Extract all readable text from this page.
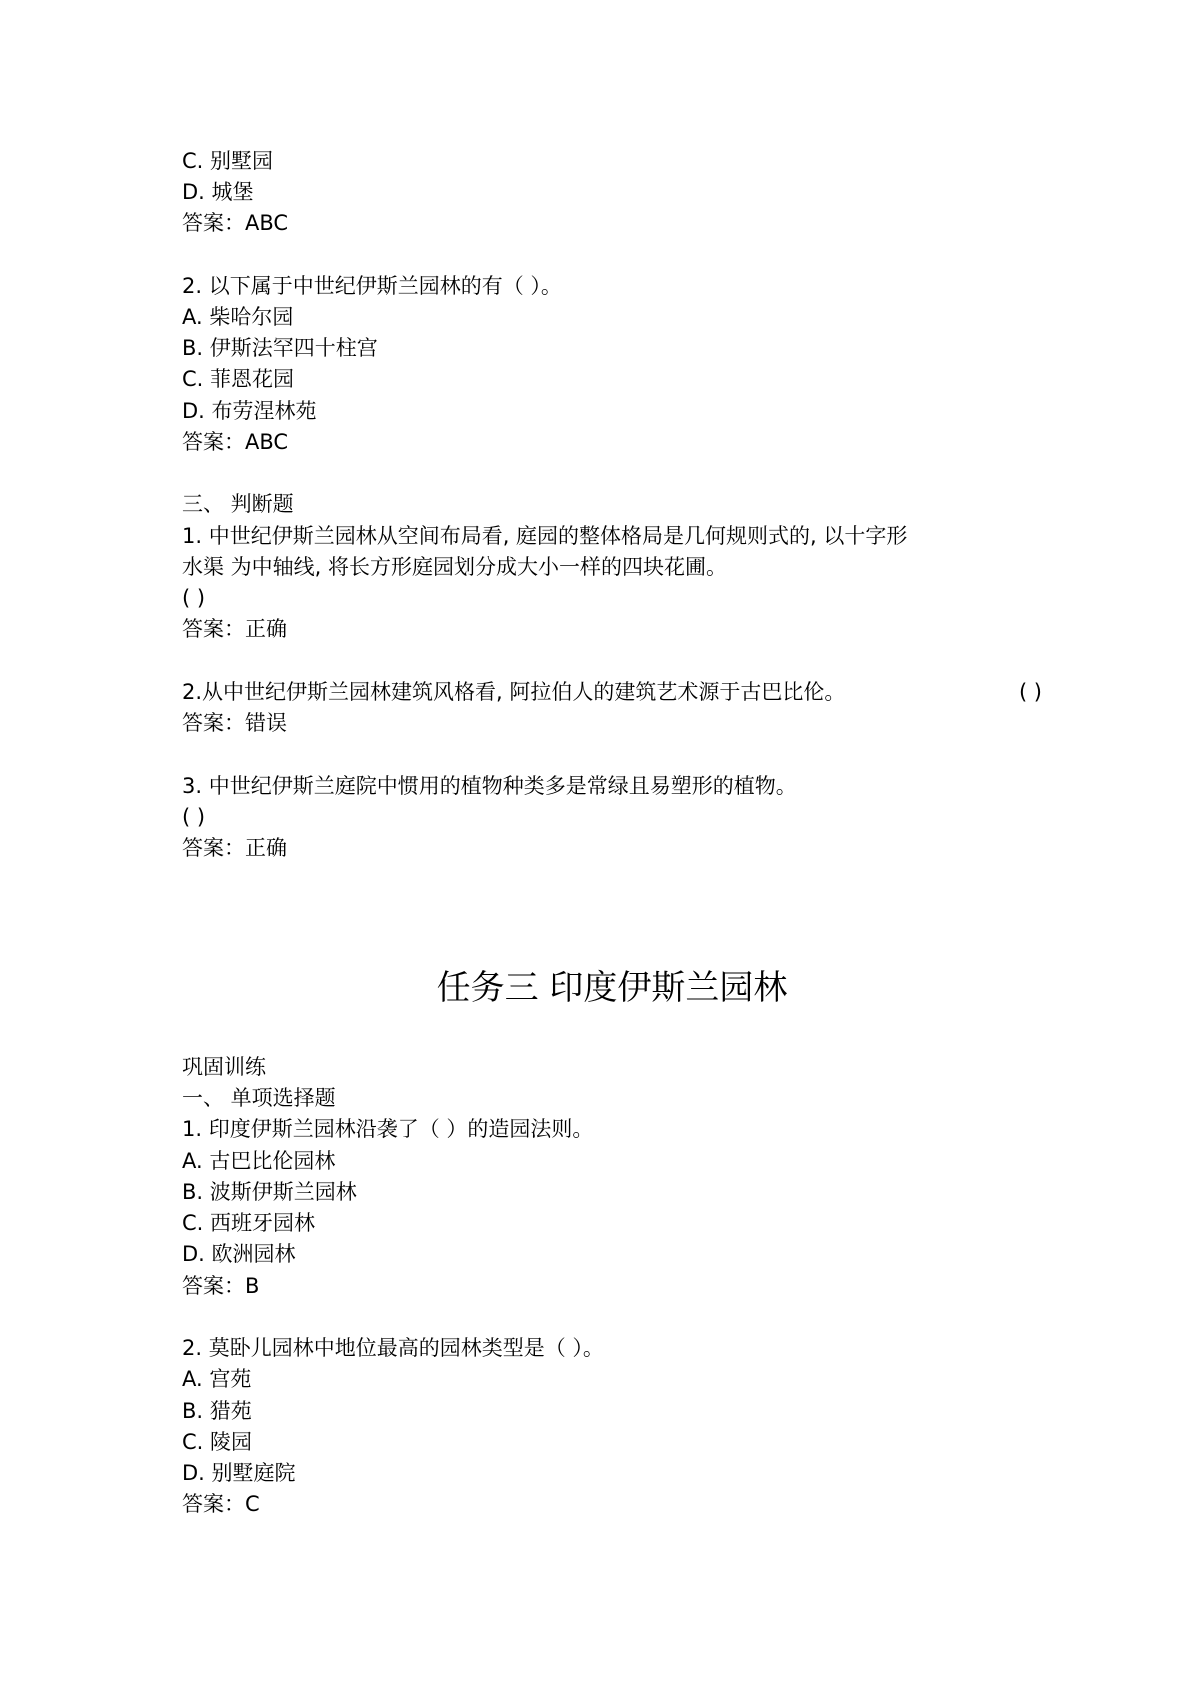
C. 别墅园
D. 城堡
答案：ABC
2. 以下属于中世纪伊斯兰园林的有（ ）。
A. 柴哈尔园
B. 伊斯法罕四十柱宫
C. 菲恩花园
D. 布劳涅林苑
答案：ABC
三、 判断题
1. 中世纪伊斯兰园林从空间布局看, 庭园的整体格局是几何规则式的, 以十字形
水渠 为中轴线, 将长方形庭园划分成大小一样的四块花圃。
( )
答案：正确
2.从中世纪伊斯兰园林建筑风格看, 阿拉伯人的建筑艺术源于古巴比伦。	( )
答案：错误
3. 中世纪伊斯兰庭院中惯用的植物种类多是常绿且易塑形的植物。
( )
答案：正确
任务三 印度伊斯兰园林
巩固训练
一、 单项选择题
1. 印度伊斯兰园林沿袭了（ ）的造园法则。
A. 古巴比伦园林
B. 波斯伊斯兰园林
C. 西班牙园林
D. 欧洲园林
答案：B
2. 莫卧儿园林中地位最高的园林类型是（ ）。
A. 宫苑
B. 猎苑
C. 陵园
D. 别墅庭院
答案：C
